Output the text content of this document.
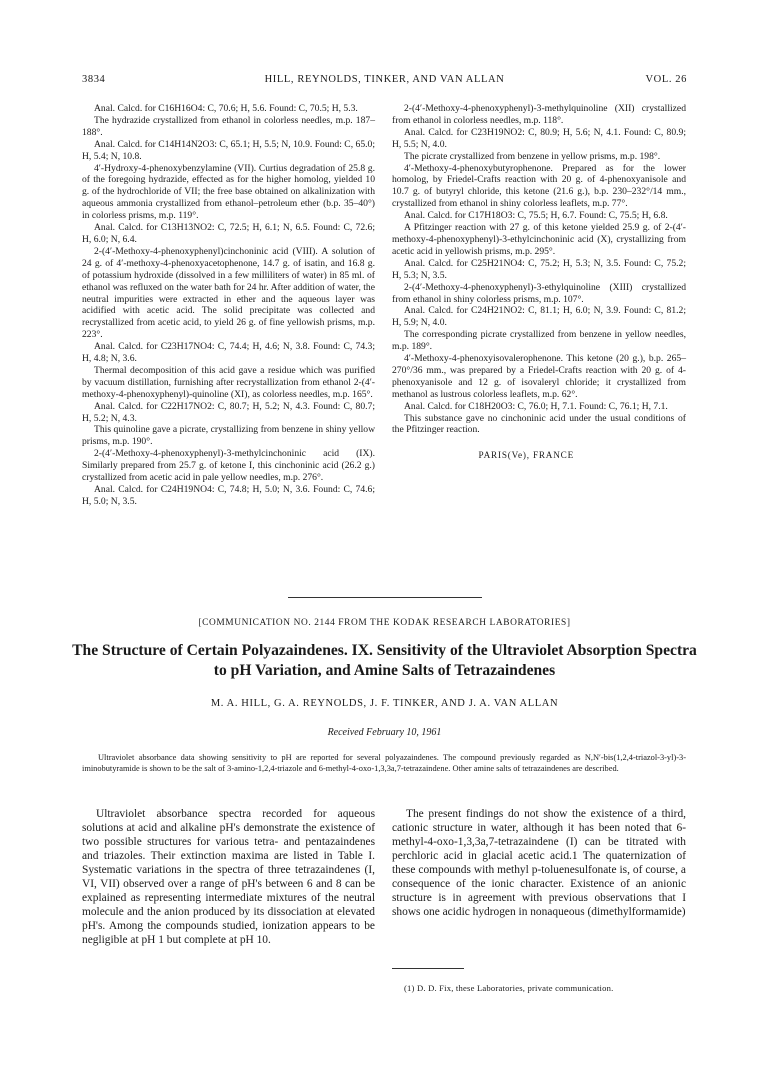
3834	HILL, REYNOLDS, TINKER, AND VAN ALLAN	VOL. 26

Anal. Calcd. for C16H16O4: C, 70.6; H, 5.6. Found: C, 70.5; H, 5.3.

The hydrazide crystallized from ethanol in colorless needles, m.p. 187–188°.

Anal. Calcd. for C14H14N2O3: C, 65.1; H, 5.5; N, 10.9. Found: C, 65.0; H, 5.4; N, 10.8.

4′-Hydroxy-4-phenoxybenzylamine (VII). Curtius degradation of 25.8 g. of the foregoing hydrazide, effected as for the higher homolog, yielded 10 g. of the hydrochloride of VII; the free base obtained on alkalinization with aqueous ammonia crystallized from ethanol–petroleum ether (b.p. 35–40°) in colorless prisms, m.p. 119°.

Anal. Calcd. for C13H13NO2: C, 72.5; H, 6.1; N, 6.5. Found: C, 72.6; H, 6.0; N, 6.4.

2-(4′-Methoxy-4-phenoxyphenyl)cinchoninic acid (VIII). A solution of 24 g. of 4′-methoxy-4-phenoxyacetophenone, 14.7 g. of isatin, and 16.8 g. of potassium hydroxide (dissolved in a few milliliters of water) in 85 ml. of ethanol was refluxed on the water bath for 24 hr. After addition of water, the neutral impurities were extracted in ether and the aqueous layer was acidified with acetic acid. The solid precipitate was collected and recrystallized from acetic acid, to yield 26 g. of fine yellowish prisms, m.p. 223°.

Anal. Calcd. for C23H17NO4: C, 74.4; H, 4.6; N, 3.8. Found: C, 74.3; H, 4.8; N, 3.6.

Thermal decomposition of this acid gave a residue which was purified by vacuum distillation, furnishing after recrystallization from ethanol 2-(4′-methoxy-4-phenoxyphenyl)-quinoline (XI), as colorless needles, m.p. 165°.

Anal. Calcd. for C22H17NO2: C, 80.7; H, 5.2; N, 4.3. Found: C, 80.7; H, 5.2; N, 4.3.

This quinoline gave a picrate, crystallizing from benzene in shiny yellow prisms, m.p. 190°.

2-(4′-Methoxy-4-phenoxyphenyl)-3-methylcinchoninic acid (IX). Similarly prepared from 25.7 g. of ketone I, this cinchoninic acid (26.2 g.) crystallized from acetic acid in pale yellow needles, m.p. 276°.

Anal. Calcd. for C24H19NO4: C, 74.8; H, 5.0; N, 3.6. Found: C, 74.6; H, 5.0; N, 3.5.

2-(4′-Methoxy-4-phenoxyphenyl)-3-methylquinoline (XII) crystallized from ethanol in colorless needles, m.p. 118°.

Anal. Calcd. for C23H19NO2: C, 80.9; H, 5.6; N, 4.1. Found: C, 80.9; H, 5.5; N, 4.0.

The picrate crystallized from benzene in yellow prisms, m.p. 198°.

4′-Methoxy-4-phenoxybutyrophenone. Prepared as for the lower homolog, by Friedel-Crafts reaction with 20 g. of 4-phenoxyanisole and 10.7 g. of butyryl chloride, this ketone (21.6 g.), b.p. 230–232°/14 mm., crystallized from ethanol in shiny colorless leaflets, m.p. 77°.

Anal. Calcd. for C17H18O3: C, 75.5; H, 6.7. Found: C, 75.5; H, 6.8.

A Pfitzinger reaction with 27 g. of this ketone yielded 25.9 g. of 2-(4′-methoxy-4-phenoxyphenyl)-3-ethylcinchoninic acid (X), crystallizing from acetic acid in yellowish prisms, m.p. 295°.

Anal. Calcd. for C25H21NO4: C, 75.2; H, 5.3; N, 3.5. Found: C, 75.2; H, 5.3; N, 3.5.

2-(4′-Methoxy-4-phenoxyphenyl)-3-ethylquinoline (XIII) crystallized from ethanol in shiny colorless prisms, m.p. 107°.

Anal. Calcd. for C24H21NO2: C, 81.1; H, 6.0; N, 3.9. Found: C, 81.2; H, 5.9; N, 4.0.

The corresponding picrate crystallized from benzene in yellow needles, m.p. 189°.

4′-Methoxy-4-phenoxyisovalerophenone. This ketone (20 g.), b.p. 265–270°/36 mm., was prepared by a Friedel-Crafts reaction with 20 g. of 4-phenoxyanisole and 12 g. of isovaleryl chloride; it crystallized from methanol as lustrous colorless leaflets, m.p. 62°.

Anal. Calcd. for C18H20O3: C, 76.0; H, 7.1. Found: C, 76.1; H, 7.1.

This substance gave no cinchoninic acid under the usual conditions of the Pfitzinger reaction.

PARIS(Ve), FRANCE

[COMMUNICATION NO. 2144 FROM THE KODAK RESEARCH LABORATORIES]
The Structure of Certain Polyazaindenes. IX. Sensitivity of the Ultraviolet Absorption Spectra to pH Variation, and Amine Salts of Tetrazaindenes
M. A. HILL, G. A. REYNOLDS, J. F. TINKER, AND J. A. VAN ALLAN
Received February 10, 1961
Ultraviolet absorbance data showing sensitivity to pH are reported for several polyazaindenes. The compound previously regarded as N,N′-bis(1,2,4-triazol-3-yl)-3-iminobutyramide is shown to be the salt of 3-amino-1,2,4-triazole and 6-methyl-4-oxo-1,3,3a,7-tetrazaindene. Other amine salts of tetrazaindenes are described.

Ultraviolet absorbance spectra recorded for aqueous solutions at acid and alkaline pH's demonstrate the existence of two possible structures for various tetra- and pentazaindenes and triazoles. Their extinction maxima are listed in Table I. Systematic variations in the spectra of three tetrazaindenes (I, VI, VII) observed over a range of pH's between 6 and 8 can be explained as representing intermediate mixtures of the neutral molecule and the anion produced by its dissociation at elevated pH's. Among the compounds studied, ionization appears to be negligible at pH 1 but complete at pH 10.

The present findings do not show the existence of a third, cationic structure in water, although it has been noted that 6-methyl-4-oxo-1,3,3a,7-tetrazaindene (I) can be titrated with perchloric acid in glacial acetic acid.1 The quaternization of these compounds with methyl p-toluenesulfonate is, of course, a consequence of the ionic character. Existence of an anionic structure is in agreement with previous observations that I shows one acidic hydrogen in nonaqueous (dimethylformamide)

(1) D. D. Fix, these Laboratories, private communication.
